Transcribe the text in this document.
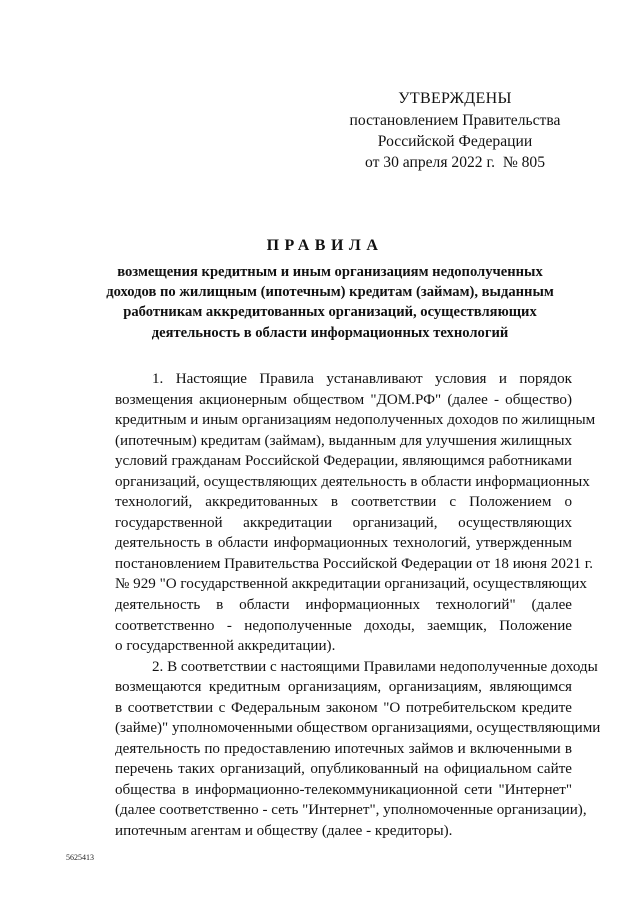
УТВЕРЖДЕНЫ
постановлением Правительства
Российской Федерации
от 30 апреля 2022 г.  № 805
ПРАВИЛА
возмещения кредитным и иным организациям недополученных
доходов по жилищным (ипотечным) кредитам (займам), выданным
работникам аккредитованных организаций, осуществляющих
деятельность в области информационных технологий
1. Настоящие Правила устанавливают условия и порядок
возмещения акционерным обществом "ДОМ.РФ" (далее - общество)
кредитным и иным организациям недополученных доходов по жилищным
(ипотечным) кредитам (займам), выданным для улучшения жилищных
условий гражданам Российской Федерации, являющимся работниками
организаций, осуществляющих деятельность в области информационных
технологий, аккредитованных в соответствии с Положением о
государственной аккредитации организаций, осуществляющих
деятельность в области информационных технологий, утвержденным
постановлением Правительства Российской Федерации от 18 июня 2021 г.
№ 929 "О государственной аккредитации организаций, осуществляющих
деятельность в области информационных технологий" (далее
соответственно - недополученные доходы, заемщик, Положение
о государственной аккредитации).
2. В соответствии с настоящими Правилами недополученные доходы
возмещаются кредитным организациям, организациям, являющимся
в соответствии с Федеральным законом "О потребительском кредите
(займе)" уполномоченными обществом организациями, осуществляющими
деятельность по предоставлению ипотечных займов и включенными в
перечень таких организаций, опубликованный на официальном сайте
общества в информационно-телекоммуникационной сети "Интернет"
(далее соответственно - сеть "Интернет", уполномоченные организации),
ипотечным агентам и обществу (далее - кредиторы).
5625413
